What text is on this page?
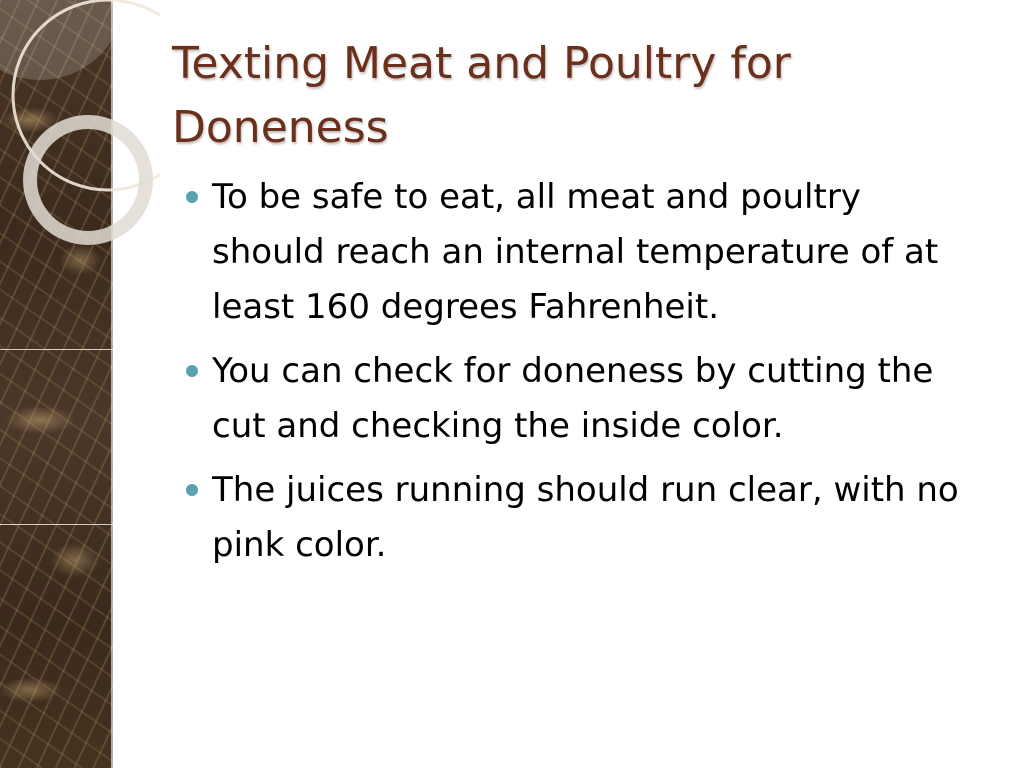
Texting Meat and Poultry for Doneness
To be safe to eat, all meat and poultry should reach an internal temperature of at least 160 degrees Fahrenheit.
You can check for doneness by cutting the cut and checking the inside color.
The juices running should run clear, with no pink color.
